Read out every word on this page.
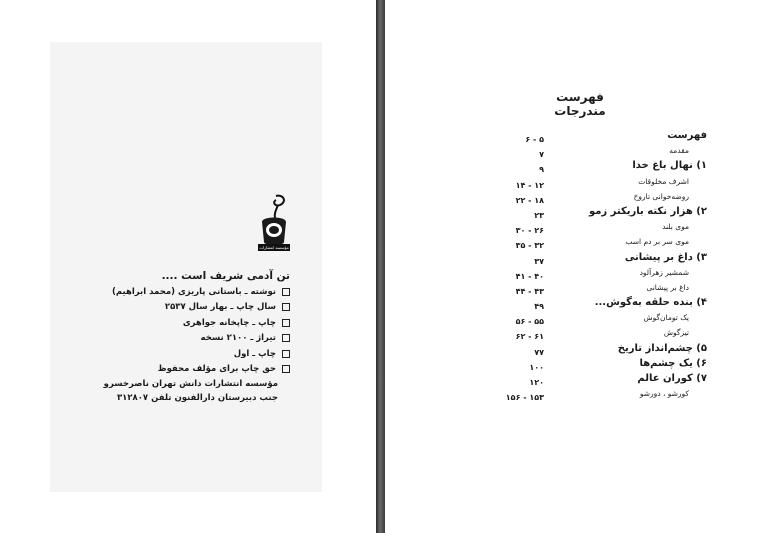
مؤسسه انتشارات دانش
تن آدمی شریف است ....
نوشته ـ باستانی پاریزی (محمد ابراهیم)
سال چاپ ـ بهار سال ۲۵۳۷
چاپ ـ چاپخانه جواهری
تیراژ ـ ۲۱۰۰ نسخه
چاپ ـ اول
حق چاپ برای مؤلف محفوظ
مؤسسه انتشارات دانش تهران ناصرخسرو
جنب دبیرستان دارالفنون تلفن ۳۱۲۸۰۷
فهرست مندرجات
فهرست
مقدمه
۱) نهال باغ خدا
اشرف مخلوقات
روضه‌خوانی تاروخ
۲) هزار نکته باریکتر زمو
موی بلند
موی سر بر دم اسب
۳) داغ بر پیشانی
شمشیر زهرآلود
داغ بر پیشانی
۴) بنده حلقه به‌گوش...
یک تومان‌گوش
تیزگوش
۵) چشم‌انداز تاریخ
۶) یک چشم‌ها
۷) کوران عالم
کورشو ، دورشو
۵ - ۶
۷
۹
۱۲ - ۱۴
۱۸ - ۲۲
۲۳
۲۶ - ۳۰
۳۲ - ۳۵
۳۷
۴۰ - ۴۱
۴۳ - ۴۴
۴۹
۵۵ - ۵۶
۶۱ - ۶۲
۷۷
۱۰۰
۱۲۰
۱۵۳ - ۱۵۶
